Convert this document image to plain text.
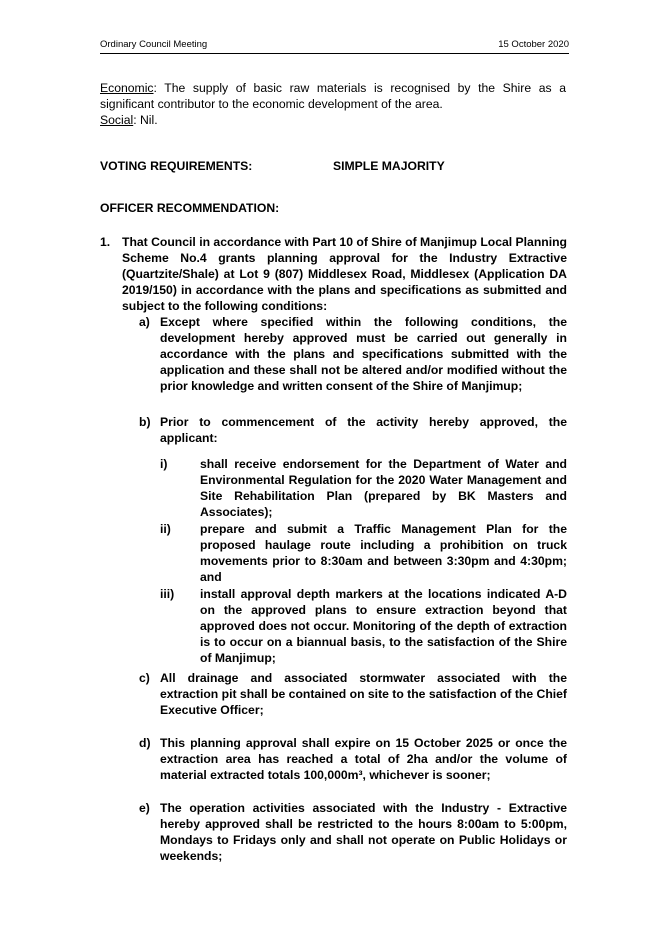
Ordinary Council Meeting	15 October 2020
Economic: The supply of basic raw materials is recognised by the Shire as a significant contributor to the economic development of the area.
Social: Nil.
VOTING REQUIREMENTS:	SIMPLE MAJORITY
OFFICER RECOMMENDATION:
1. That Council in accordance with Part 10 of Shire of Manjimup Local Planning Scheme No.4 grants planning approval for the Industry Extractive (Quartzite/Shale) at Lot 9 (807) Middlesex Road, Middlesex (Application DA 2019/150) in accordance with the plans and specifications as submitted and subject to the following conditions:
a) Except where specified within the following conditions, the development hereby approved must be carried out generally in accordance with the plans and specifications submitted with the application and these shall not be altered and/or modified without the prior knowledge and written consent of the Shire of Manjimup;
b) Prior to commencement of the activity hereby approved, the applicant:
i)	shall receive endorsement for the Department of Water and Environmental Regulation for the 2020 Water Management and Site Rehabilitation Plan (prepared by BK Masters and Associates);
ii) prepare and submit a Traffic Management Plan for the proposed haulage route including a prohibition on truck movements prior to 8:30am and between 3:30pm and 4:30pm; and
iii) install approval depth markers at the locations indicated A-D on the approved plans to ensure extraction beyond that approved does not occur. Monitoring of the depth of extraction is to occur on a biannual basis, to the satisfaction of the Shire of Manjimup;
c) All drainage and associated stormwater associated with the extraction pit shall be contained on site to the satisfaction of the Chief Executive Officer;
d) This planning approval shall expire on 15 October 2025 or once the extraction area has reached a total of 2ha and/or the volume of material extracted totals 100,000m³, whichever is sooner;
e) The operation activities associated with the Industry - Extractive hereby approved shall be restricted to the hours 8:00am to 5:00pm, Mondays to Fridays only and shall not operate on Public Holidays or weekends;
